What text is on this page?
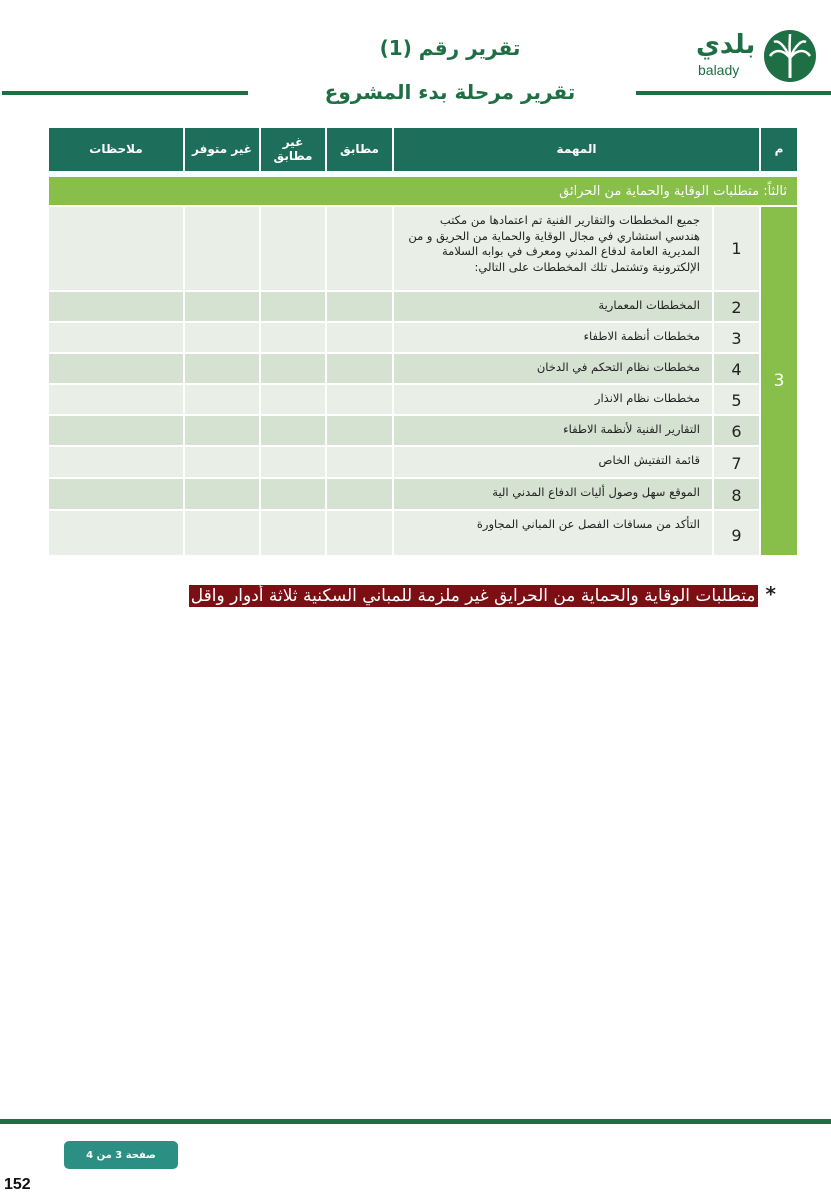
تقرير رقم (1)
تقرير مرحلة بدء المشروع
بلدي
balady
م
المهمة
مطابق
غير مطابق
غير متوفر
ملاحظات
ثالثاً: متطلبات الوقاية والحماية من الحرائق
3
1
جميع المخططات والتقارير الفنية تم اعتمادها من مكتب هندسي استشاري في مجال الوقاية والحماية من الحريق و من المديرية العامة لدفاع المدني ومعرف في بوابه السلامة الإلكترونية وتشتمل تلك المخططات على التالي:
2
المخططات المعمارية
3
مخططات أنظمة الاطفاء
4
مخططات نظام التحكم في الدخان
5
مخططات نظام الانذار
6
التقارير الفنية لأنظمة الاطفاء
7
قائمة التفتيش الخاص
8
الموقع سهل وصول أليات الدفاع المدني الية
9
التأكد من مسافات الفصل عن المباني المجاورة
*متطلبات الوقاية والحماية من الحرايق غير ملزمة للمباني السكنية ثلاثة أدوار واقل
صفحة 3 من 4
152
